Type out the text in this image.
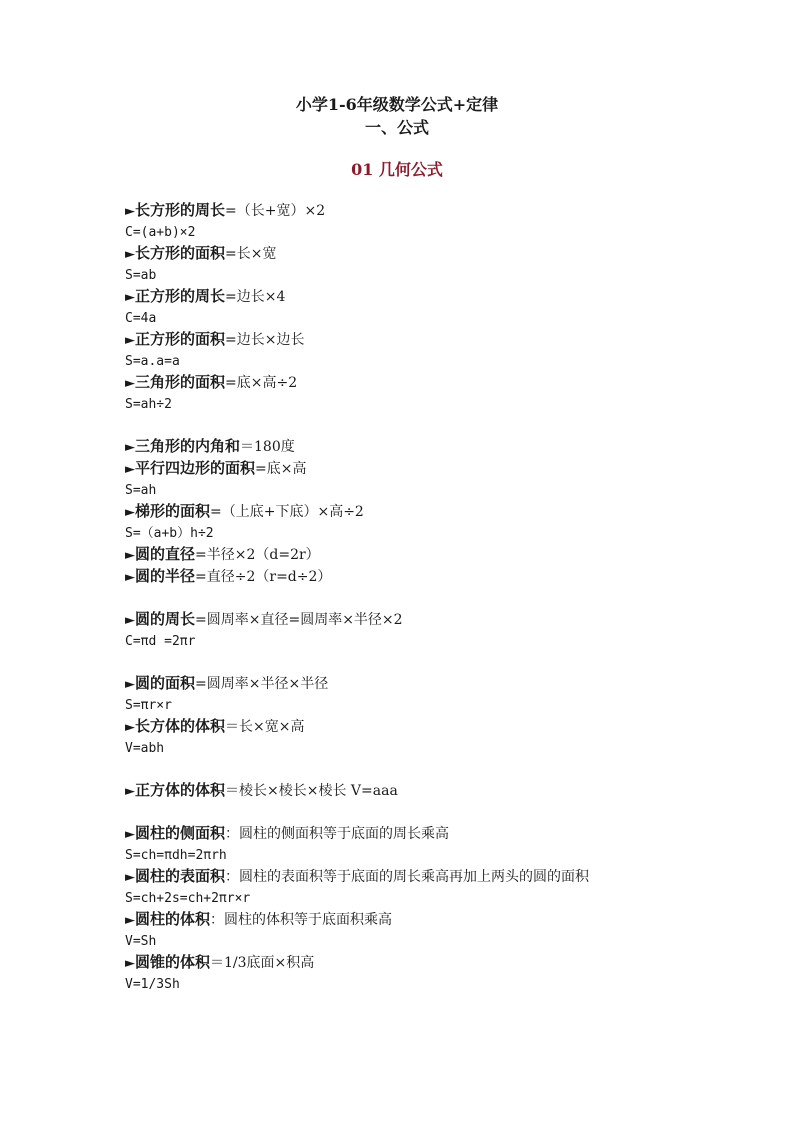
小学1-6年级数学公式+定律
一、公式
01 几何公式
►长方形的周长=（长+宽）×2
C=(a+b)×2
►长方形的面积=长×宽
S=ab
►正方形的周长=边长×4
C=4a
►正方形的面积=边长×边长
S=a.a=a
►三角形的面积=底×高÷2
S=ah÷2
►三角形的内角和＝180度
►平行四边形的面积=底×高
S=ah
►梯形的面积=（上底+下底）×高÷2
S=（a+b）h÷2
►圆的直径=半径×2（d=2r）
►圆的半径=直径÷2（r=d÷2）
►圆的周长=圆周率×直径=圆周率×半径×2
C=πd =2πr
►圆的面积=圆周率×半径×半径
S=πr×r
►长方体的体积＝长×宽×高
V=abh
►正方体的体积＝棱长×棱长×棱长 V=aaa
►圆柱的侧面积：圆柱的侧面积等于底面的周长乘高
S=ch=πdh=2πrh
►圆柱的表面积：圆柱的表面积等于底面的周长乘高再加上两头的圆的面积
S=ch+2s=ch+2πr×r
►圆柱的体积：圆柱的体积等于底面积乘高
V=Sh
►圆锥的体积＝1/3底面×积高
V=1/3Sh
